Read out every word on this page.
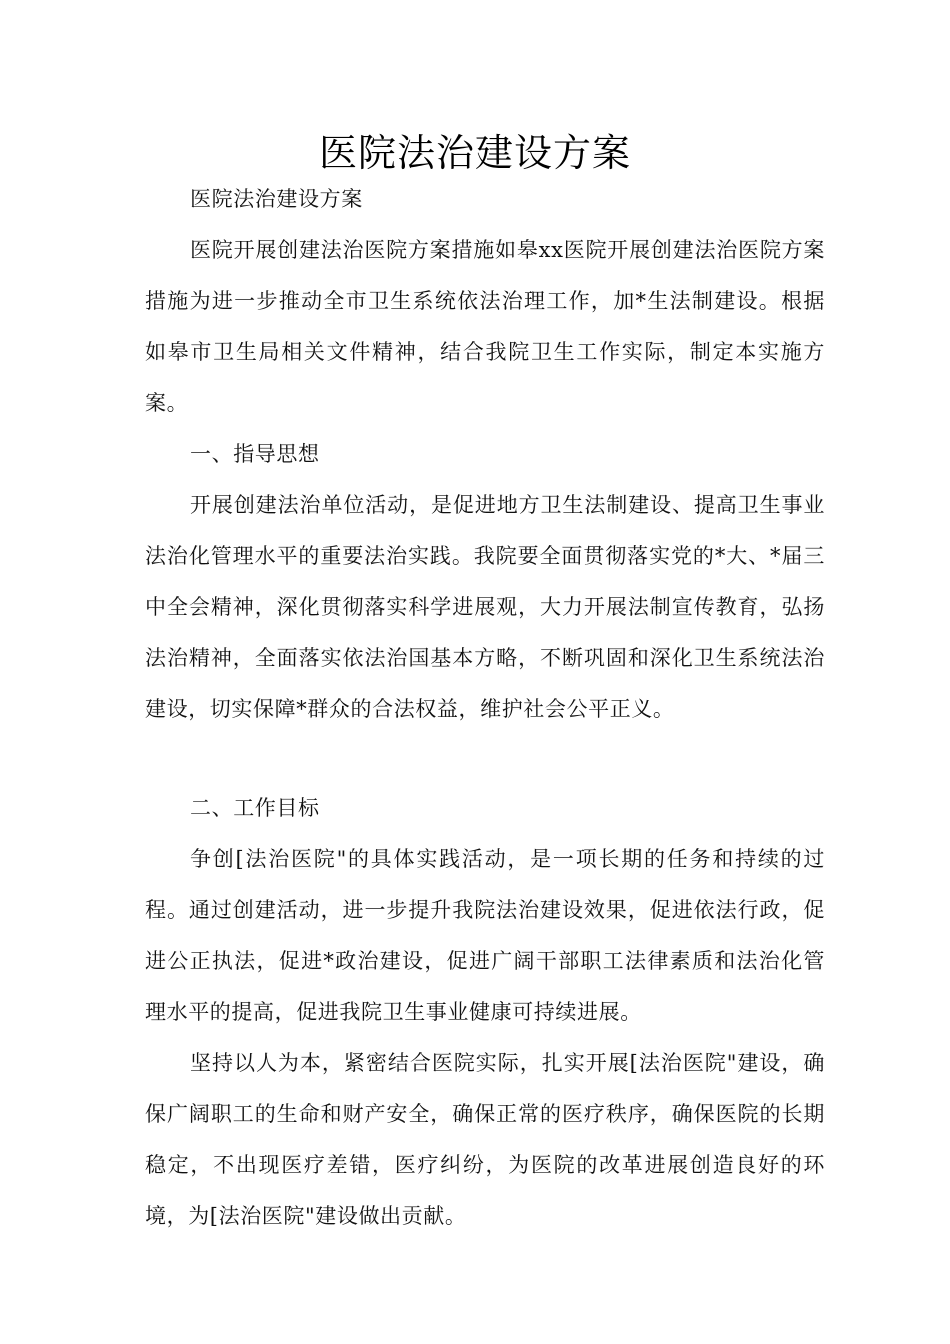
医院法治建设方案

医院法治建设方案

医院开展创建法治医院方案措施如皋xx医院开展创建法治医院方案措施为进一步推动全市卫生系统依法治理工作，加*生法制建设。根据如皋市卫生局相关文件精神，结合我院卫生工作实际，制定本实施方案。

一、指导思想

开展创建法治单位活动，是促进地方卫生法制建设、提高卫生事业法治化管理水平的重要法治实践。我院要全面贯彻落实党的*大、*届三中全会精神，深化贯彻落实科学进展观，大力开展法制宣传教育，弘扬法治精神，全面落实依法治国基本方略，不断巩固和深化卫生系统法治建设，切实保障*群众的合法权益，维护社会公平正义。

二、工作目标

争创[法治医院"的具体实践活动，是一项长期的任务和持续的过程。通过创建活动，进一步提升我院法治建设效果，促进依法行政，促进公正执法，促进*政治建设，促进广阔干部职工法律素质和法治化管理水平的提高，促进我院卫生事业健康可持续进展。

坚持以人为本，紧密结合医院实际，扎实开展[法治医院"建设，确保广阔职工的生命和财产安全，确保正常的医疗秩序，确保医院的长期稳定，不出现医疗差错，医疗纠纷，为医院的改革进展创造良好的环境，为[法治医院"建设做出贡献。
